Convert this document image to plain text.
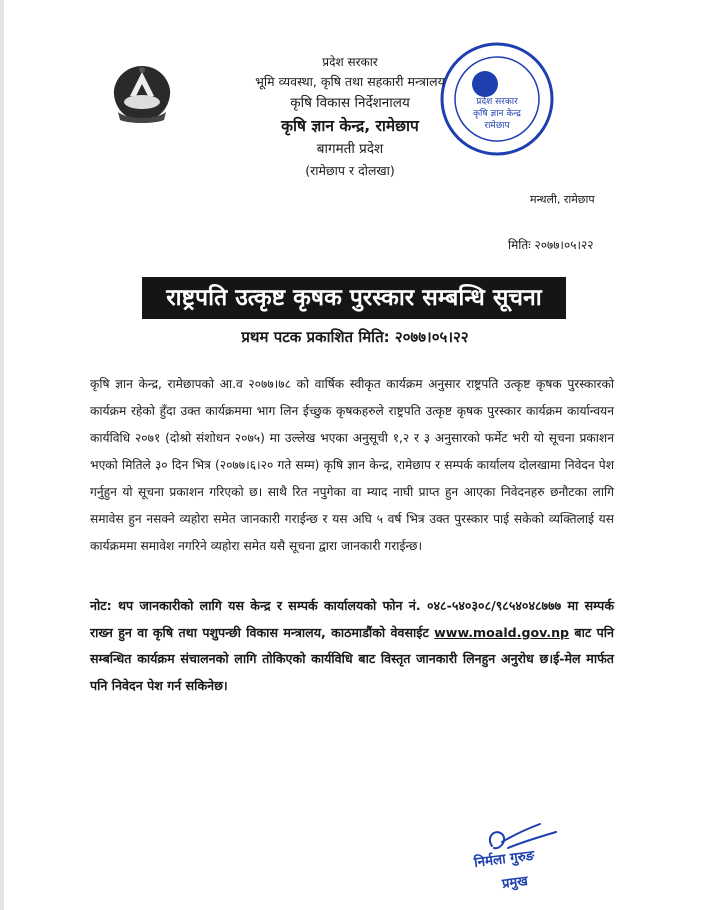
प्रदेश सरकार
कृषि ज्ञान केन्द्र
रामेछाप
प्रदेश सरकार
भूमि व्यवस्था, कृषि तथा सहकारी मन्त्रालय
कृषि विकास निर्देशनालय
कृषि ज्ञान केन्द्र, रामेछाप
बागमती प्रदेश
(रामेछाप र दोलखा)
मन्थली, रामेछाप
मितिः २०७७।०५।२२
राष्ट्रपति उत्कृष्ट कृषक पुरस्कार सम्बन्धि सूचना
प्रथम पटक प्रकाशित मिति: २०७७।०५।२२
कृषि ज्ञान केन्द्र, रामेछापको आ.व २०७७।७८ को वार्षिक स्वीकृत कार्यक्रम अनुसार राष्ट्रपति उत्कृष्ट कृषक पुरस्कारको कार्यक्रम रहेको हुँदा उक्त कार्यक्रममा भाग लिन ईच्छुक कृषकहरुले राष्ट्रपति उत्कृष्ट कृषक पुरस्कार कार्यक्रम कार्यान्वयन कार्यविधि २०७१ (दोश्रो संशोधन २०७५) मा उल्लेख भएका अनुसूची १,२ र ३ अनुसारको फर्मेट भरी यो सूचना प्रकाशन भएको मितिले ३० दिन भित्र (२०७७।६।२० गते सम्म) कृषि ज्ञान केन्द्र, रामेछाप र सम्पर्क कार्यालय दोलखामा निवेदन पेश गर्नुहुन यो सूचना प्रकाशन गरिएको छ। साथै रित नपुगेका वा म्याद नाघी प्राप्त हुन आएका निवेदनहरु छनौटका लागि समावेस हुन नसक्ने व्यहोरा समेत जानकारी गराईन्छ र यस अघि ५ वर्ष भित्र उक्त पुरस्कार पाई सकेको व्यक्तिलाई यस कार्यक्रममा समावेश नगरिने व्यहोरा समेत यसै सूचना द्वारा जानकारी गराईन्छ।
नोट: थप जानकारीको लागि यस केन्द्र र सम्पर्क कार्यालयको फोन नं. ०४८-५४०३०८/९८५४०४८७७७ मा सम्पर्क राख्न हुन वा कृषि तथा पशुपन्छी विकास मन्त्रालय, काठमाडौंको वेवसाईट www.moald.gov.np बाट पनि सम्बन्धित कार्यक्रम संचालनको लागि तोकिएको कार्यविधि बाट विस्तृत जानकारी लिनहुन अनुरोध छ।ई-मेल मार्फत पनि निवेदन पेश गर्न सकिनेछ।
निर्मला गुरुङ
प्रमुख
